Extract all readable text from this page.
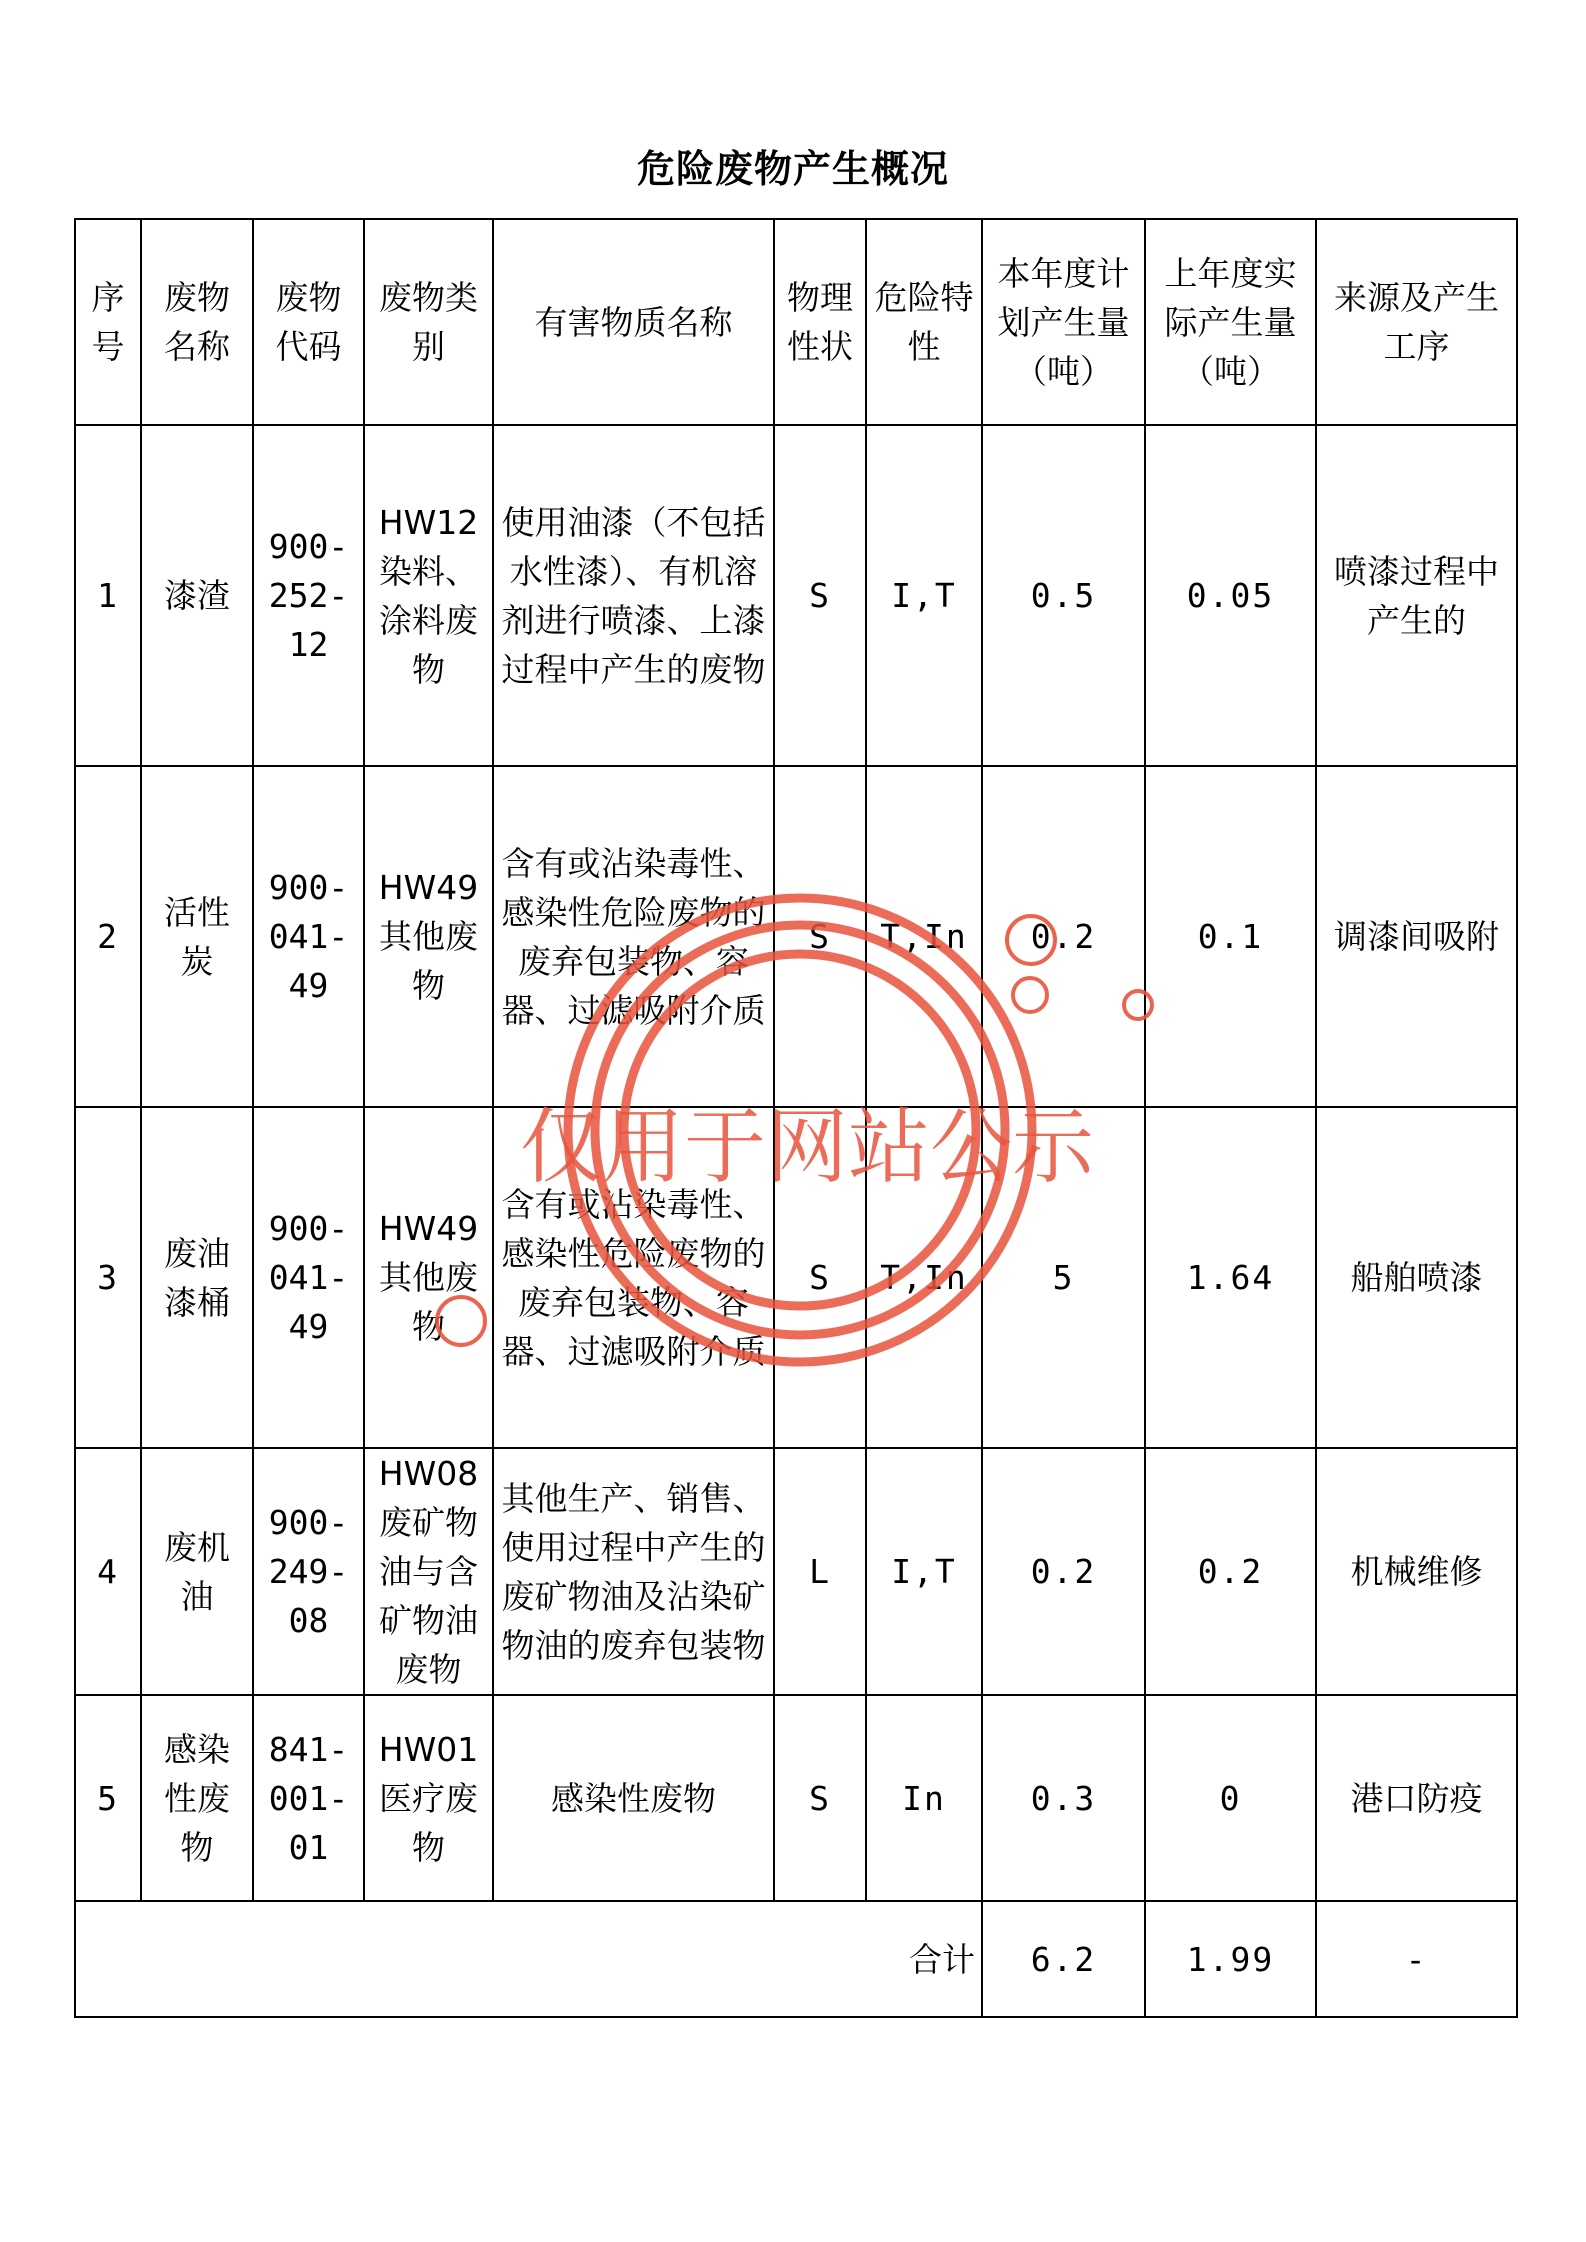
危险废物产生概况
序号	废物名称	废物代码	废物类别	有害物质名称	物理性状	危险特性	本年度计划产生量（吨）	上年度实际产生量（吨）	来源及产生工序
1	漆渣	900-252-12	HW12染料、涂料废物	使用油漆（不包括水性漆）、有机溶剂进行喷漆、上漆过程中产生的废物	S	I,T	0.5	0.05	喷漆过程中产生的
2	活性炭	900-041-49	HW49其他废物	含有或沾染毒性、感染性危险废物的废弃包装物、容器、过滤吸附介质	S	T,In	0.2	0.1	调漆间吸附
3	废油漆桶	900-041-49	HW49其他废物	含有或沾染毒性、感染性危险废物的废弃包装物、容器、过滤吸附介质	S	T,In	5	1.64	船舶喷漆
4	废机油	900-249-08	HW08废矿物油与含矿物油废物	其他生产、销售、使用过程中产生的废矿物油及沾染矿物油的废弃包装物	L	I,T	0.2	0.2	机械维修
5	感染性废物	841-001-01	HW01医疗废物	感染性废物	S	In	0.3	0	港口防疫
合计							6.2	1.99	-
仅用于网站公示
